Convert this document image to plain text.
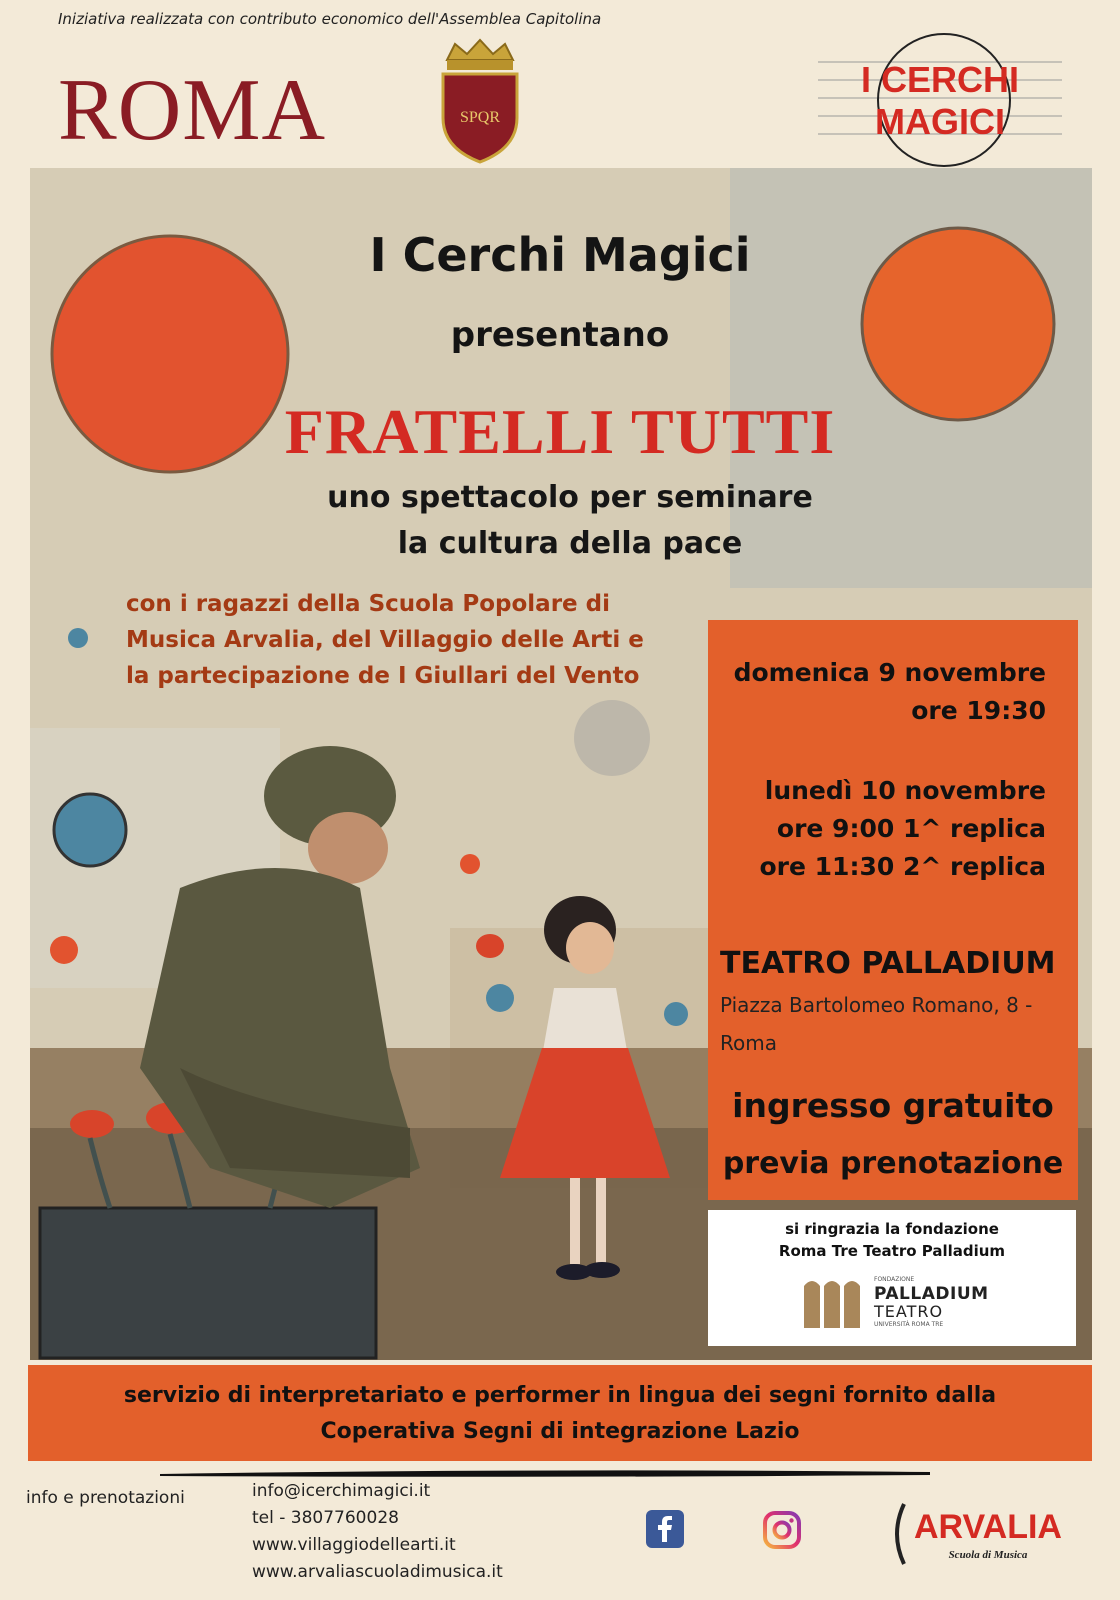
Iniziativa realizzata con contributo economico dell'Assemblea Capitolina
ROMA	SPQR
I CERCHI
MAGICI
I Cerchi Magici
presentano
FRATELLI TUTTI
uno spettacolo per seminare
la cultura della pace
con i ragazzi della Scuola Popolare di
Musica Arvalia, del Villaggio delle Arti e
la partecipazione de I Giullari del Vento	domenica 9 novembre
ore 19:30
lunedì 10 novembre
ore 9:00 1^ replica
ore 11:30 2^ replica
TEATRO PALLADIUM
Piazza Bartolomeo Romano, 8 - Roma
ingresso gratuito
previa prenotazione
si ringrazia la fondazione
Roma Tre Teatro Palladium
FONDAZIONE
PALLADIUM
TEATRO
UNIVERSITÀ ROMA TRE
servizio di interpretariato e performer in lingua dei segni fornito dalla
Coperativa Segni di integrazione Lazio
info e prenotazioni	info@icerchimagici.it
tel - 3807760028
www.villaggiodellearti.it
www.arvaliascuoladimusica.it
ARVALIA
Scuola di Musica
